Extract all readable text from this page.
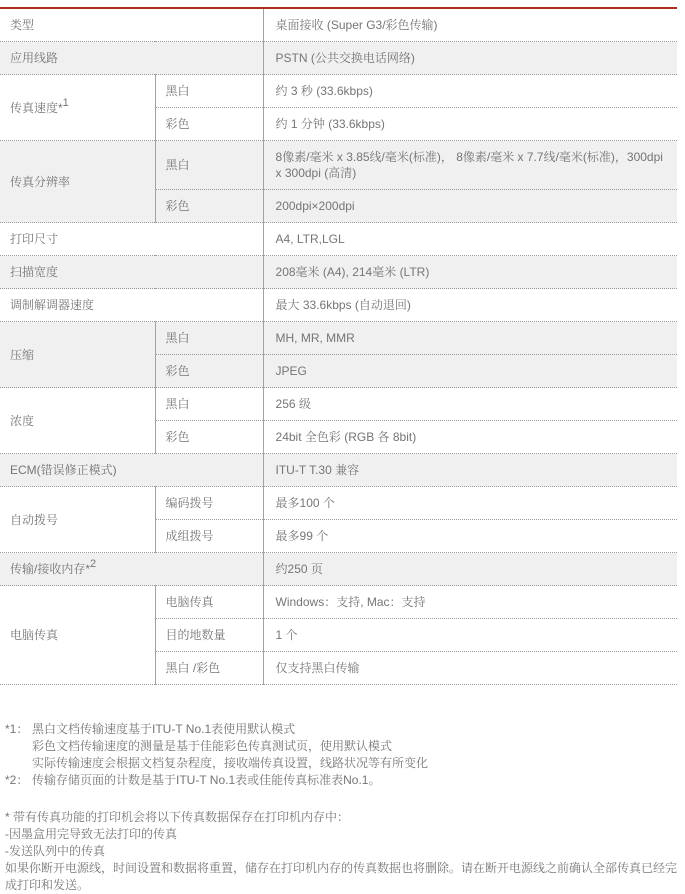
类型		桌面接收 (Super G3/彩色传输)
应用线路		PSTN (公共交换电话网络)
传真速度*$^1$	黑白	约 3 秒 (33.6kbps)
	彩色	约 1 分钟 (33.6kbps)
传真分辨率	黑白	8像素/毫米 x 3.85线/毫米(标准)， 8像素/毫米 x 7.7线/毫米(标准)，300dpi x 300dpi (高清)
	彩色	200dpi×200dpi
打印尺寸		A4, LTR,LGL
扫描宽度		208毫米 (A4), 214毫米 (LTR)
调制解调器速度		最大 33.6kbps (自动退回)
压缩	黑白	MH, MR, MMR
	彩色	JPEG
浓度	黑白	256 级
	彩色	24bit 全色彩 (RGB 各 8bit)
ECM(错误修正模式)		ITU-T T.30 兼容
自动拨号	编码拨号	最多100 个
	成组拨号	最多99 个
传输/接收内存*$^2$		约250 页
电脑传真	电脑传真	Windows：支持, Mac：支持
	目的地数量	1 个
	黑白 /彩色	仅支持黑白传输
*1： 黑白文档传输速度基于ITU-T No.1表使用默认模式
彩色文档传输速度的测量是基于佳能彩色传真测试页，使用默认模式
实际传输速度会根据文档复杂程度，接收端传真设置，线路状况等有所变化
*2： 传输存储页面的计数是基于ITU-T No.1表或佳能传真标准表No.1。
* 带有传真功能的打印机会将以下传真数据保存在打印机内存中：
-因墨盒用完导致无法打印的传真
-发送队列中的传真
如果你断开电源线，时间设置和数据将重置，储存在打印机内存的传真数据也将删除。请在断开电源线之前确认全部传真已经完成打印和发送。
